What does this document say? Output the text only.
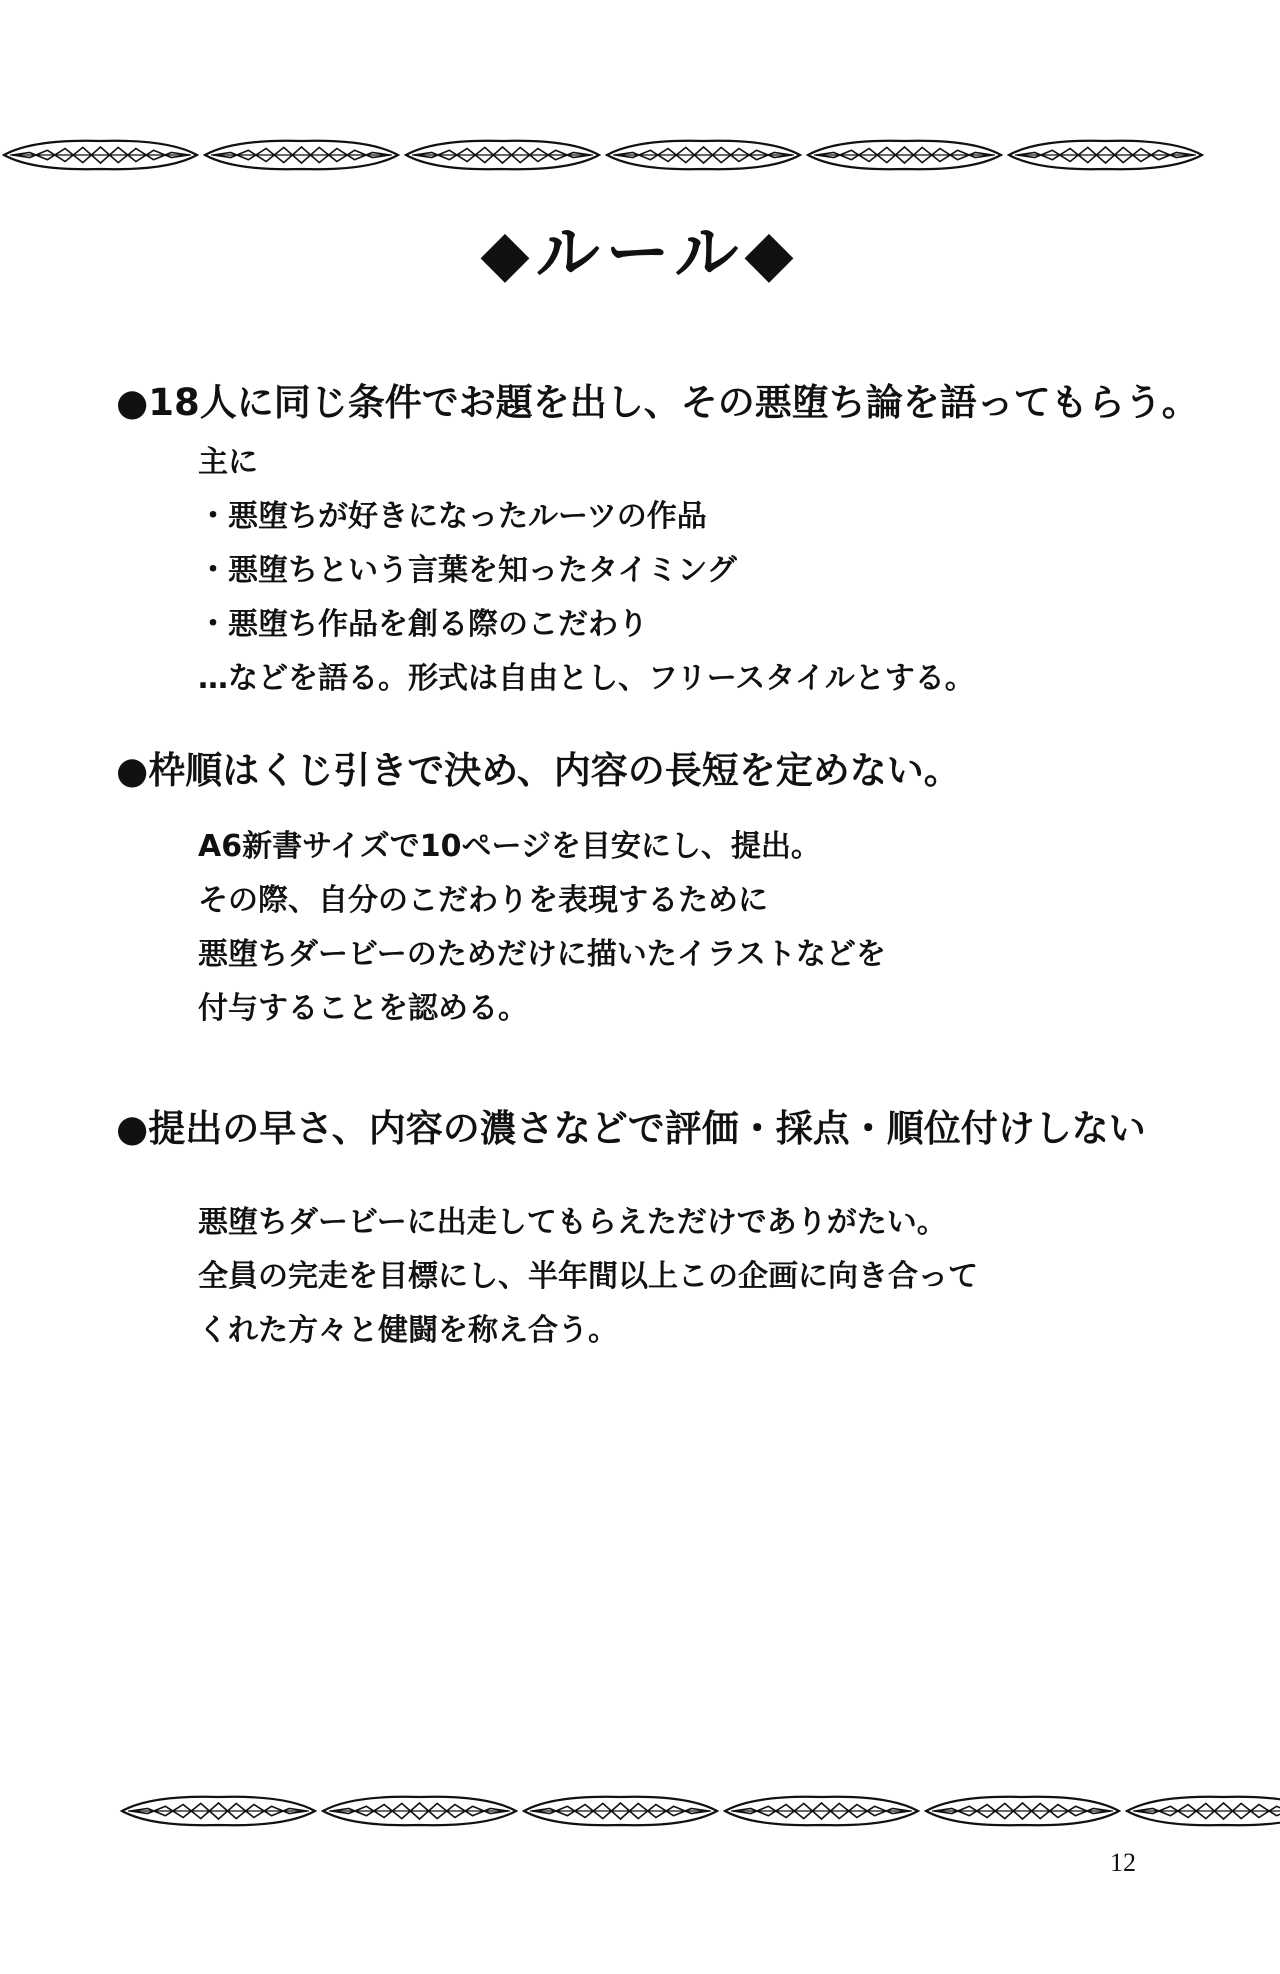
◆ルール◆
●18人に同じ条件でお題を出し、その悪堕ち論を語ってもらう。
主に
・悪堕ちが好きになったルーツの作品
・悪堕ちという言葉を知ったタイミング
・悪堕ち作品を創る際のこだわり
…などを語る。形式は自由とし、フリースタイルとする。
●枠順はくじ引きで決め、内容の長短を定めない。
A6新書サイズで10ページを目安にし、提出。
その際、自分のこだわりを表現するために
悪堕ちダービーのためだけに描いたイラストなどを
付与することを認める。
●提出の早さ、内容の濃さなどで評価・採点・順位付けしない
悪堕ちダービーに出走してもらえただけでありがたい。
全員の完走を目標にし、半年間以上この企画に向き合って
くれた方々と健闘を称え合う。
12
